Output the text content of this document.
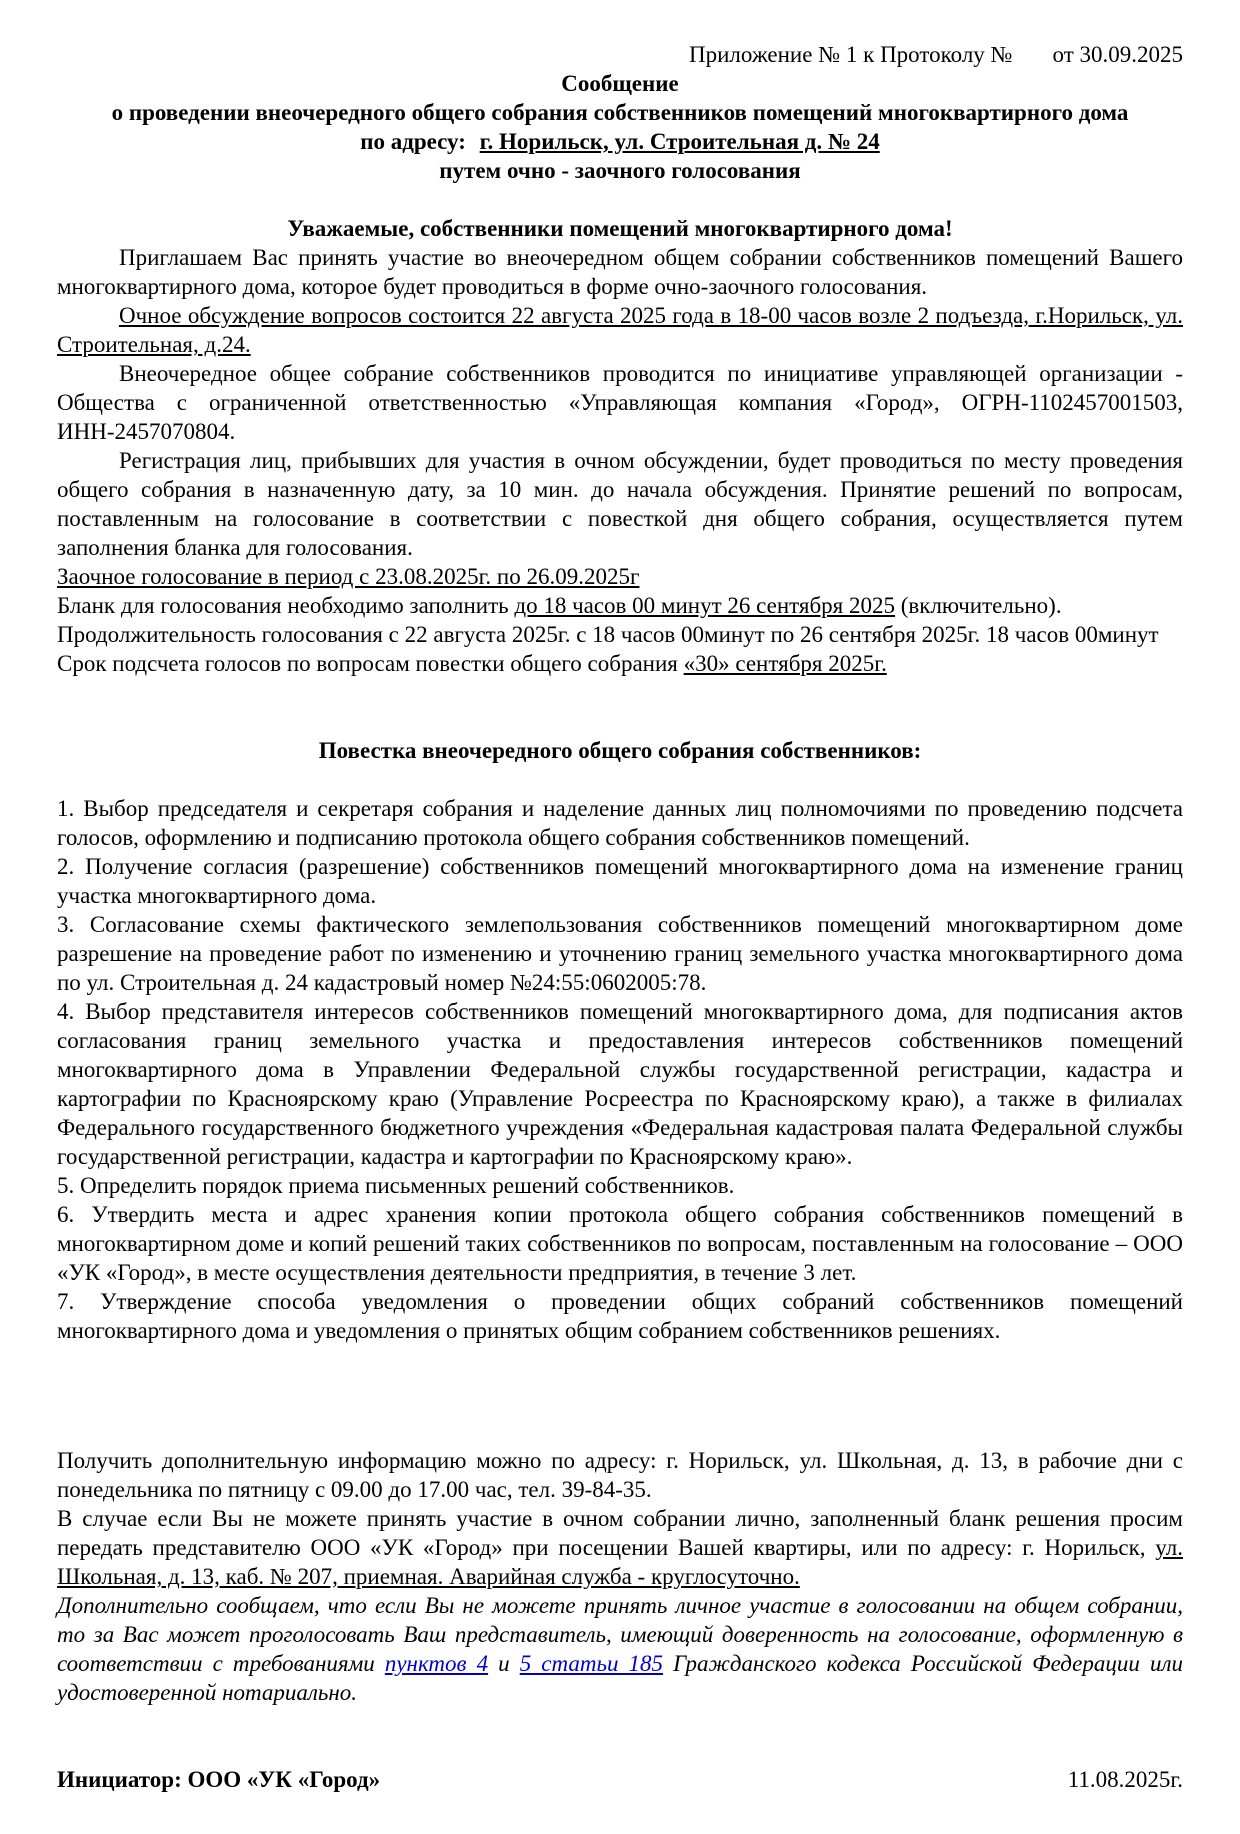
Приложение № 1 к Протоколу № от 30.09.2025

Сообщение

о проведении внеочередного общего собрания собственников помещений многоквартирного дома

по адресу: г. Норильск, ул. Строительная д. № 24

путем очно - заочного голосования

Уважаемые, собственники помещений многоквартирного дома!

Приглашаем Вас принять участие во внеочередном общем собрании собственников помещений Вашего многоквартирного дома, которое будет проводиться в форме очно-заочного голосования.

Очное обсуждение вопросов состоится 22 августа 2025 года в 18-00 часов возле 2 подъезда, г.Норильск, ул. Строительная, д.24.

Внеочередное общее собрание собственников проводится по инициативе управляющей организации - Общества с ограниченной ответственностью «Управляющая компания «Город», ОГРН-1102457001503, ИНН-2457070804.

Регистрация лиц, прибывших для участия в очном обсуждении, будет проводиться по месту проведения общего собрания в назначенную дату, за 10 мин. до начала обсуждения. Принятие решений по вопросам, поставленным на голосование в соответствии с повесткой дня общего собрания, осуществляется путем заполнения бланка для голосования.

Заочное голосование в период с 23.08.2025г. по 26.09.2025г

Бланк для голосования необходимо заполнить до 18 часов 00 минут 26 сентября 2025 (включительно).

Продолжительность голосования с 22 августа 2025г. с 18 часов 00минут по 26 сентября 2025г. 18 часов 00минут

Срок подсчета голосов по вопросам повестки общего собрания «30» сентября 2025г.

Повестка внеочередного общего собрания собственников:

1. Выбор председателя и секретаря собрания и наделение данных лиц полномочиями по проведению подсчета голосов, оформлению и подписанию протокола общего собрания собственников помещений.

2. Получение согласия (разрешение) собственников помещений многоквартирного дома на изменение границ участка многоквартирного дома.

3. Согласование схемы фактического землепользования собственников помещений многоквартирном доме разрешение на проведение работ по изменению и уточнению границ земельного участка многоквартирного дома по ул. Строительная д. 24 кадастровый номер №24:55:0602005:78.

4. Выбор представителя интересов собственников помещений многоквартирного дома, для подписания актов согласования границ земельного участка и предоставления интересов собственников помещений многоквартирного дома в Управлении Федеральной службы государственной регистрации, кадастра и картографии по Красноярскому краю (Управление Росреестра по Красноярскому краю), а также в филиалах Федерального государственного бюджетного учреждения «Федеральная кадастровая палата Федеральной службы государственной регистрации, кадастра и картографии по Красноярскому краю».

5. Определить порядок приема письменных решений собственников.

6. Утвердить места и адрес хранения копии протокола общего собрания собственников помещений в многоквартирном доме и копий решений таких собственников по вопросам, поставленным на голосование – ООО «УК «Город», в месте осуществления деятельности предприятия, в течение 3 лет.

7. Утверждение способа уведомления о проведении общих собраний собственников помещений многоквартирного дома и уведомления о принятых общим собранием собственников решениях.

Получить дополнительную информацию можно по адресу: г. Норильск, ул. Школьная, д. 13, в рабочие дни с понедельника по пятницу с 09.00 до 17.00 час, тел. 39-84-35.

В случае если Вы не можете принять участие в очном собрании лично, заполненный бланк решения просим передать представителю ООО «УК «Город» при посещении Вашей квартиры, или по адресу: г. Норильск, ул. Школьная, д. 13, каб. № 207, приемная. Аварийная служба - круглосуточно.

Дополнительно сообщаем, что если Вы не можете принять личное участие в голосовании на общем собрании, то за Вас может проголосовать Ваш представитель, имеющий доверенность на голосование, оформленную в соответствии с требованиями пунктов 4 и 5 статьи 185 Гражданского кодекса Российской Федерации или удостоверенной нотариально.

Инициатор: ООО «УК «Город»	11.08.2025г.
